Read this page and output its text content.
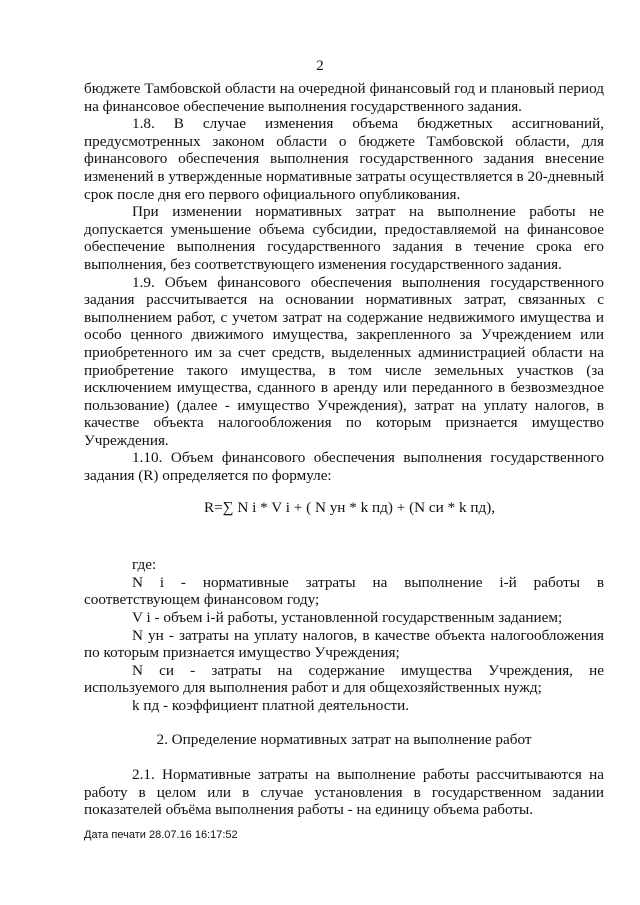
2

бюджете Тамбовской области на очередной финансовый год и плановый период на финансовое обеспечение выполнения государственного задания.

1.8. В случае изменения объема бюджетных ассигнований, предусмотренных законом области о бюджете Тамбовской области, для финансового обеспечения выполнения государственного задания внесение изменений в утвержденные нормативные затраты осуществляется в 20-дневный срок после дня его первого официального опубликования.

При изменении нормативных затрат на выполнение работы не допускается уменьшение объема субсидии, предоставляемой на финансовое обеспечение выполнения государственного задания в течение срока его выполнения, без соответствующего изменения государственного задания.

1.9. Объем финансового обеспечения выполнения государственного задания рассчитывается на основании нормативных затрат, связанных с выполнением работ, с учетом затрат на содержание недвижимого имущества и особо ценного движимого имущества, закрепленного за Учреждением или приобретенного им за счет средств, выделенных администрацией области на приобретение такого имущества, в том числе земельных участков (за исключением имущества, сданного в аренду или переданного в безвозмездное пользование) (далее - имущество Учреждения), затрат на уплату налогов, в качестве объекта налогообложения по которым признается имущество Учреждения.

1.10. Объем финансового обеспечения выполнения государственного задания (R) определяется по формуле:

R=∑ N i * V i + ( N ун * k пд) + (N си * k пд),

где:

N i - нормативные затраты на выполнение i-й работы в соответствующем финансовом году;

V i - объем i-й работы, установленной государственным заданием;

N ун - затраты на уплату налогов, в качестве объекта налогообложения по которым признается имущество Учреждения;

N си - затраты на содержание имущества Учреждения, не используемого для выполнения работ и для общехозяйственных нужд;

k пд - коэффициент платной деятельности.

2. Определение нормативных затрат на выполнение работ

2.1. Нормативные затраты на выполнение работы рассчитываются на работу в целом или в случае установления в государственном задании показателей объёма выполнения работы - на единицу объема работы.

Дата печати 28.07.16 16:17:52
